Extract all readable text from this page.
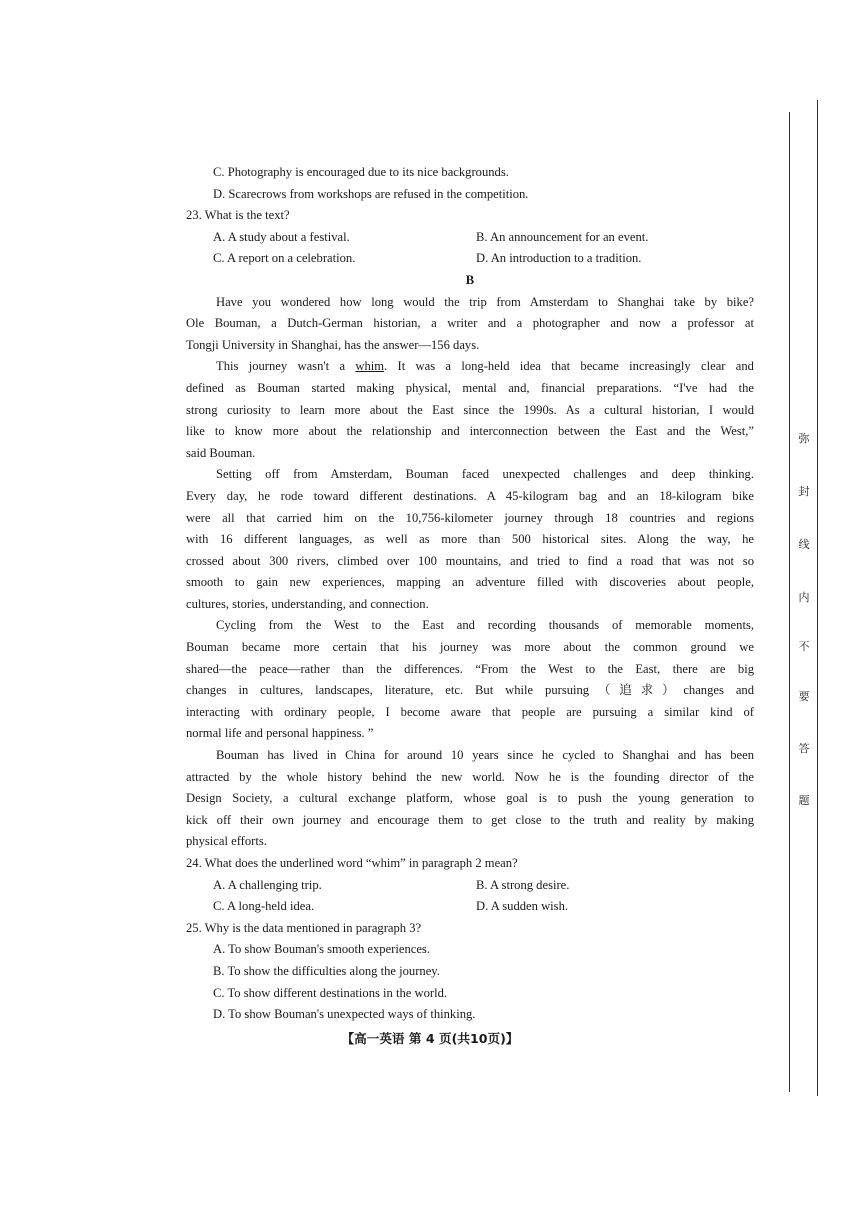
C. Photography is encouraged due to its nice backgrounds.
D. Scarecrows from workshops are refused in the competition.
23. What is the text?
A. A study about a festival.	B. An announcement for an event.
C. A report on a celebration.	D. An introduction to a tradition.
B
Have you wondered how long would the trip from Amsterdam to Shanghai take by bike?
Ole Bouman, a Dutch-German historian, a writer and a photographer and now a professor at
Tongji University in Shanghai, has the answer—156 days.
This journey wasn't a whim. It was a long-held idea that became increasingly clear and
defined as Bouman started making physical, mental and, financial preparations. “I've had the
strong curiosity to learn more about the East since the 1990s. As a cultural historian, I would
like to know more about the relationship and interconnection between the East and the West,”
said Bouman.
Setting off from Amsterdam, Bouman faced unexpected challenges and deep thinking.
Every day, he rode toward different destinations. A 45-kilogram bag and an 18-kilogram bike
were all that carried him on the 10,756-kilometer journey through 18 countries and regions
with 16 different languages, as well as more than 500 historical sites. Along the way, he
crossed about 300 rivers, climbed over 100 mountains, and tried to find a road that was not so
smooth to gain new experiences, mapping an adventure filled with discoveries about people,
cultures, stories, understanding, and connection.
Cycling from the West to the East and recording thousands of memorable moments,
Bouman became more certain that his journey was more about the common ground we
shared—the peace—rather than the differences. “From the West to the East, there are big
changes in cultures, landscapes, literature, etc. But while pursuing（追求）changes and
interacting with ordinary people, I become aware that people are pursuing a similar kind of
normal life and personal happiness. ”
Bouman has lived in China for around 10 years since he cycled to Shanghai and has been
attracted by the whole history behind the new world. Now he is the founding director of the
Design Society, a cultural exchange platform, whose goal is to push the young generation to
kick off their own journey and encourage them to get close to the truth and reality by making
physical efforts.
24. What does the underlined word “whim” in paragraph 2 mean?
A. A challenging trip.	B. A strong desire.
C. A long-held idea.	D. A sudden wish.
25. Why is the data mentioned in paragraph 3?
A. To show Bouman's smooth experiences.
B. To show the difficulties along the journey.
C. To show different destinations in the world.
D. To show Bouman's unexpected ways of thinking.
【高一英语 第 4 页(共10页)】
弥
封
线
内
不
要
答
题
